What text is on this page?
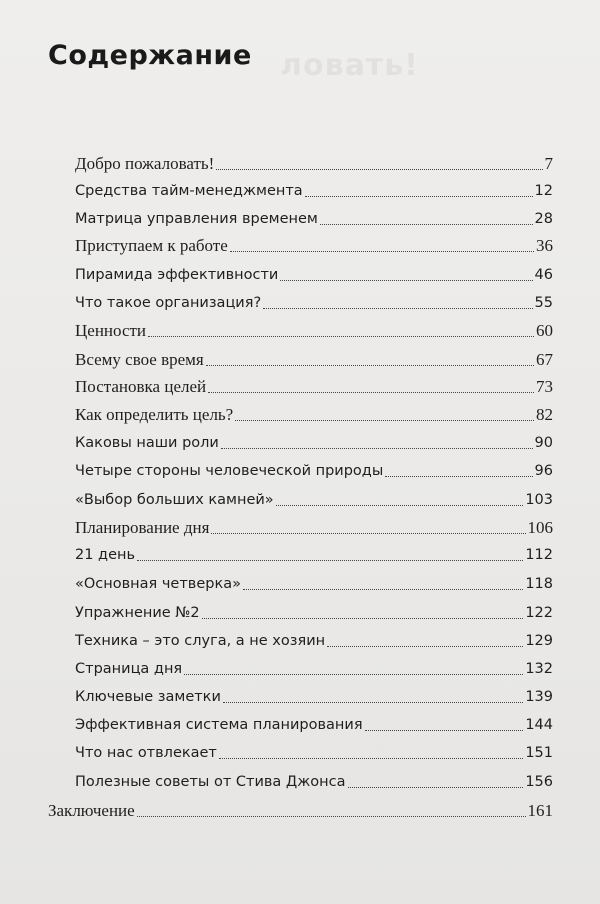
ловать!
Содержание
Добро пожаловать!	7
Средства тайм-менеджмента	12
Матрица управления временем	28
Приступаем к работе	36
Пирамида эффективности	46
Что такое организация?	55
Ценности	60
Всему свое время	67
Постановка целей	73
Как определить цель?	82
Каковы наши роли	90
Четыре стороны человеческой природы	96
«Выбор больших камней»	103
Планирование дня	106
21 день	112
«Основная четверка»	118
Упражнение №2	122
Техника – это слуга, а не хозяин	129
Страница дня	132
Ключевые заметки	139
Эффективная система планирования	144
Что нас отвлекает	151
Полезные советы от Стива Джонса	156
Заключение	161
